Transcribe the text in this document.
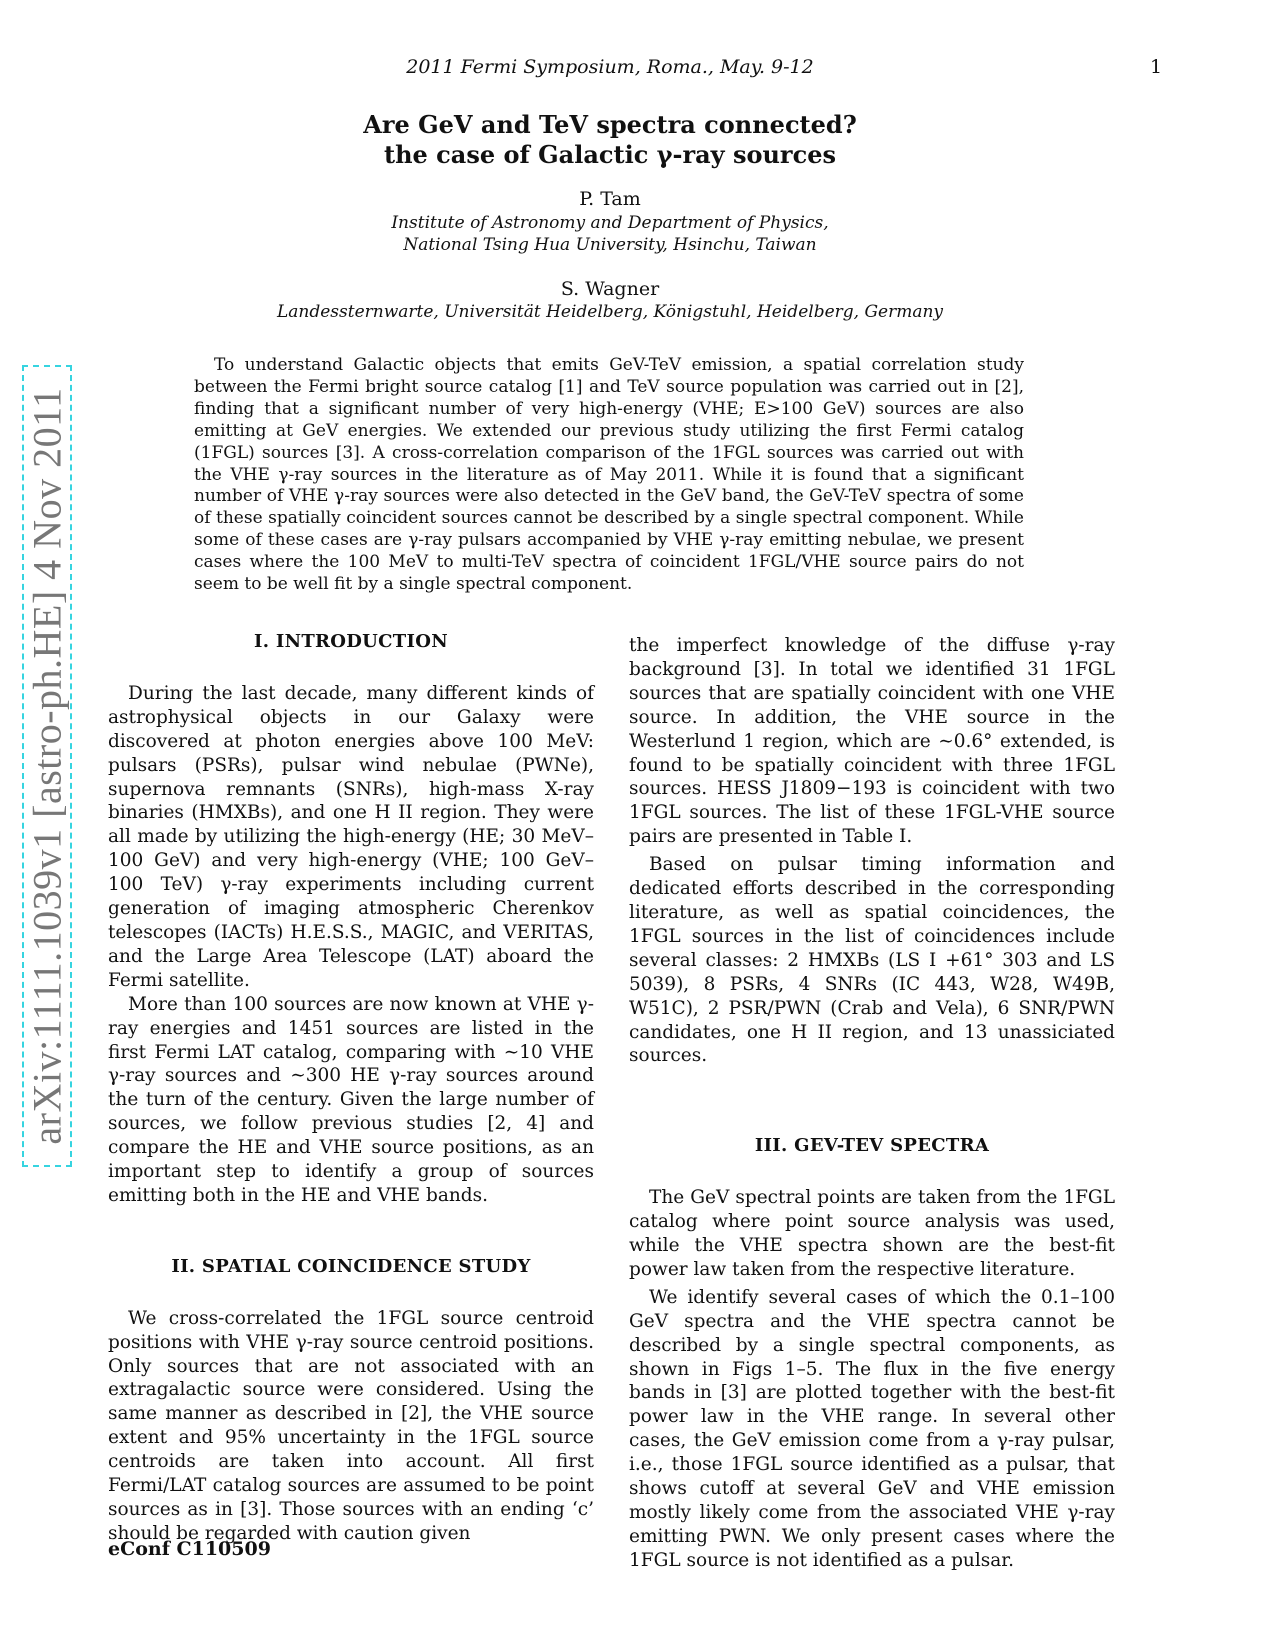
2011 Fermi Symposium, Roma., May. 9-12	1
arXiv:1111.1039v1 [astro-ph.HE] 4 Nov 2011
Are GeV and TeV spectra connected?
the case of Galactic γ-ray sources
P. Tam
Institute of Astronomy and Department of Physics,
National Tsing Hua University, Hsinchu, Taiwan
S. Wagner
Landessternwarte, Universität Heidelberg, Königstuhl, Heidelberg, Germany
To understand Galactic objects that emits GeV-TeV emission, a spatial correlation study between the Fermi bright source catalog [1] and TeV source population was carried out in [2], finding that a significant number of very high-energy (VHE; E>100 GeV) sources are also emitting at GeV energies. We extended our previous study utilizing the first Fermi catalog (1FGL) sources [3]. A cross-correlation comparison of the 1FGL sources was carried out with the VHE γ-ray sources in the literature as of May 2011. While it is found that a significant number of VHE γ-ray sources were also detected in the GeV band, the GeV-TeV spectra of some of these spatially coincident sources cannot be described by a single spectral component. While some of these cases are γ-ray pulsars accompanied by VHE γ-ray emitting nebulae, we present cases where the 100 MeV to multi-TeV spectra of coincident 1FGL/VHE source pairs do not seem to be well fit by a single spectral component.
I. INTRODUCTION

During the last decade, many different kinds of astrophysical objects in our Galaxy were discovered at photon energies above 100 MeV: pulsars (PSRs), pulsar wind nebulae (PWNe), supernova remnants (SNRs), high-mass X-ray binaries (HMXBs), and one H II region. They were all made by utilizing the high-energy (HE; 30 MeV–100 GeV) and very high-energy (VHE; 100 GeV–100 TeV) γ-ray experiments including current generation of imaging atmospheric Cherenkov telescopes (IACTs) H.E.S.S., MAGIC, and VERITAS, and the Large Area Telescope (LAT) aboard the Fermi satellite.

More than 100 sources are now known at VHE γ-ray energies and 1451 sources are listed in the first Fermi LAT catalog, comparing with ∼10 VHE γ-ray sources and ∼300 HE γ-ray sources around the turn of the century. Given the large number of sources, we follow previous studies [2, 4] and compare the HE and VHE source positions, as an important step to identify a group of sources emitting both in the HE and VHE bands.

II. SPATIAL COINCIDENCE STUDY

We cross-correlated the 1FGL source centroid positions with VHE γ-ray source centroid positions. Only sources that are not associated with an extragalactic source were considered. Using the same manner as described in [2], the VHE source extent and 95% uncertainty in the 1FGL source centroids are taken into account. All first Fermi/LAT catalog sources are assumed to be point sources as in [3]. Those sources with an ending ‘c’ should be regarded with caution given

the imperfect knowledge of the diffuse γ-ray background [3]. In total we identified 31 1FGL sources that are spatially coincident with one VHE source. In addition, the VHE source in the Westerlund 1 region, which are ∼0.6° extended, is found to be spatially coincident with three 1FGL sources. HESS J1809−193 is coincident with two 1FGL sources. The list of these 1FGL-VHE source pairs are presented in Table I.

Based on pulsar timing information and dedicated efforts described in the corresponding literature, as well as spatial coincidences, the 1FGL sources in the list of coincidences include several classes: 2 HMXBs (LS I +61° 303 and LS 5039), 8 PSRs, 4 SNRs (IC 443, W28, W49B, W51C), 2 PSR/PWN (Crab and Vela), 6 SNR/PWN candidates, one H II region, and 13 unassiciated sources.

III. GEV-TEV SPECTRA

The GeV spectral points are taken from the 1FGL catalog where point source analysis was used, while the VHE spectra shown are the best-fit power law taken from the respective literature.

We identify several cases of which the 0.1–100 GeV spectra and the VHE spectra cannot be described by a single spectral components, as shown in Figs 1–5. The flux in the five energy bands in [3] are plotted together with the best-fit power law in the VHE range. In several other cases, the GeV emission come from a γ-ray pulsar, i.e., those 1FGL source identified as a pulsar, that shows cutoff at several GeV and VHE emission mostly likely come from the associated VHE γ-ray emitting PWN. We only present cases where the 1FGL source is not identified as a pulsar.

eConf C110509
